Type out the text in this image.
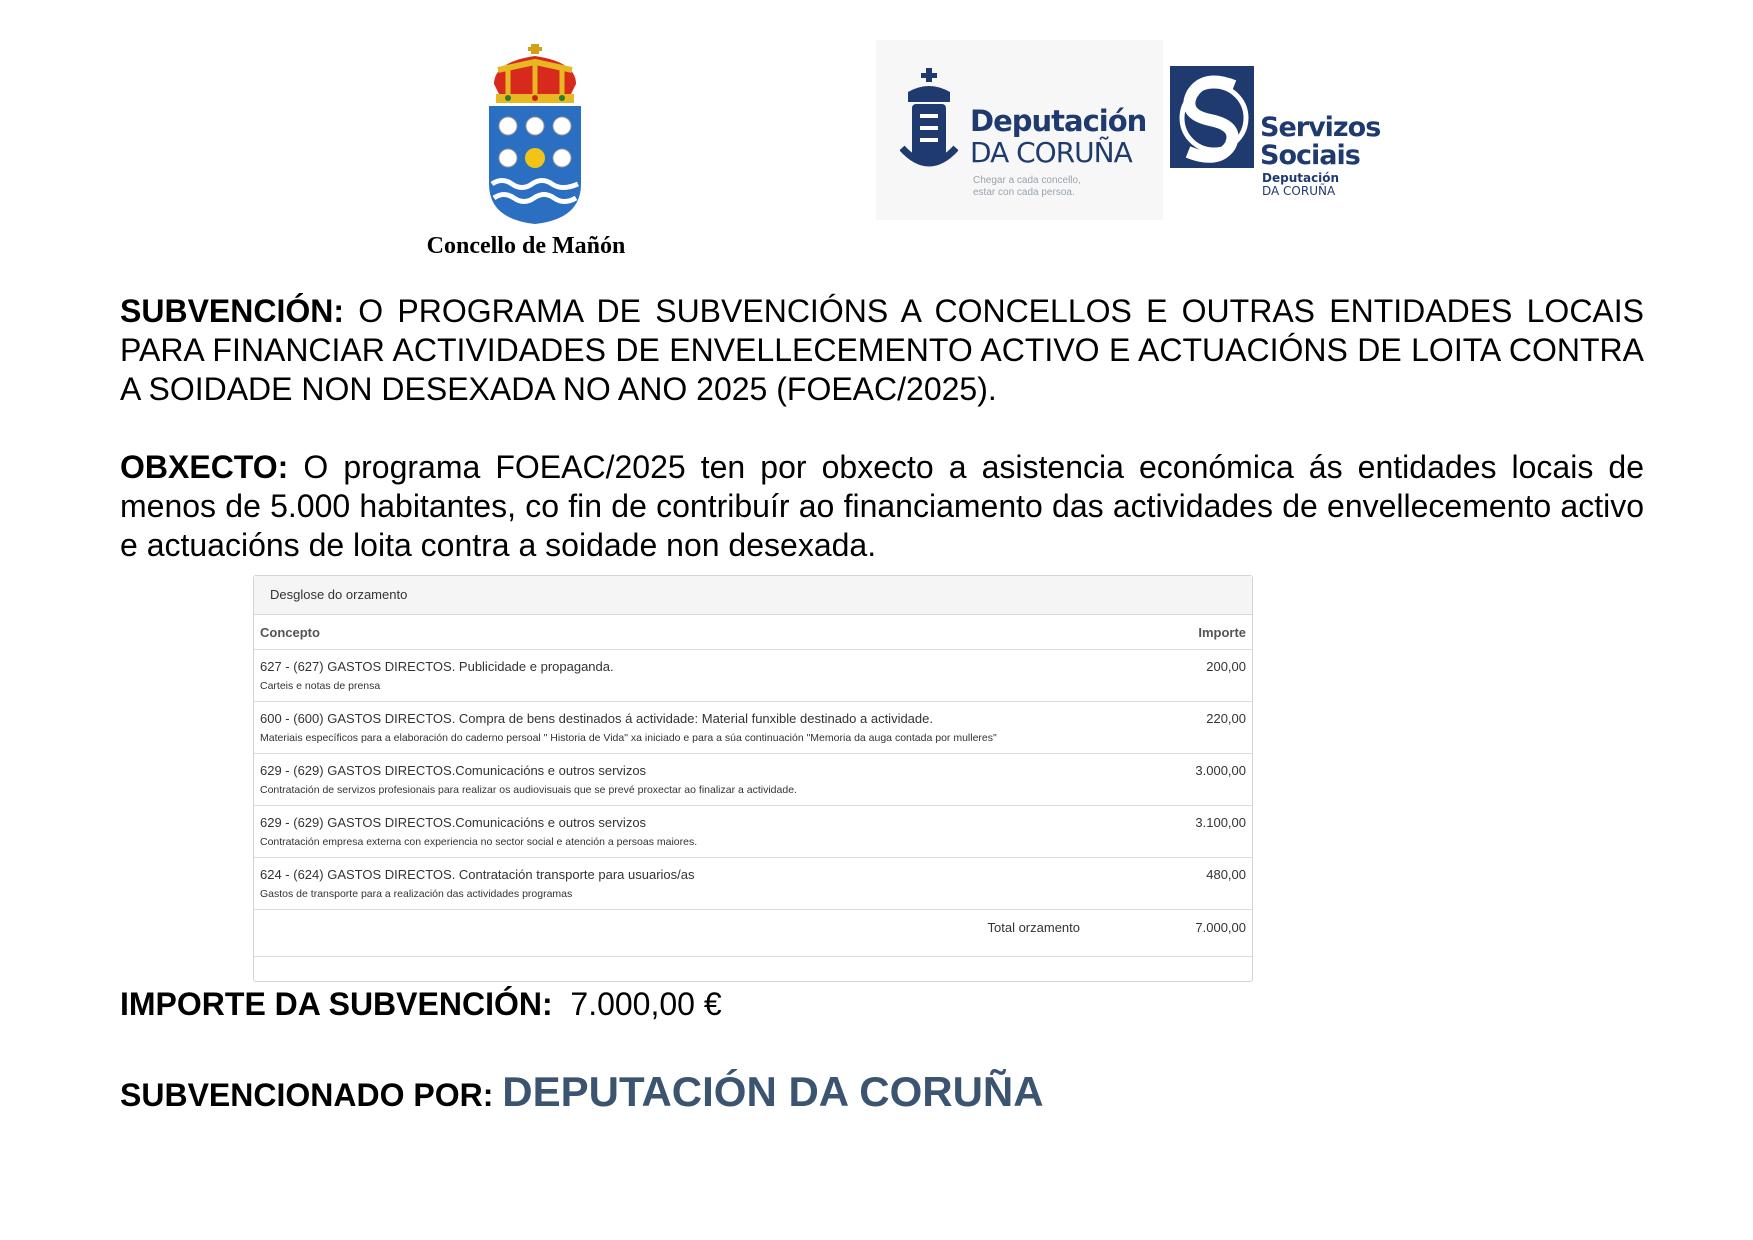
Concello de Mañón
Deputación
DA CORUÑA
Chegar a cada concello, estar con cada persoa.
Servizos
Sociais
Deputación
DA CORUÑA
SUBVENCIÓN: O PROGRAMA DE SUBVENCIÓNS A CONCELLOS E OUTRAS ENTIDADES LOCAIS PARA FINANCIAR ACTIVIDADES DE ENVELLECEMENTO ACTIVO E ACTUACIÓNS DE LOITA CONTRA A SOIDADE NON DESEXADA NO ANO 2025 (FOEAC/2025).
OBXECTO: O programa FOEAC/2025 ten por obxecto a asistencia económica ás entidades locais de menos de 5.000 habitantes, co fin de contribuír ao financiamento das actividades de envellecemento activo e actuacións de loita contra a soidade non desexada.
Desglose do orzamento
Concepto	Importe
627 - (627) GASTOS DIRECTOS. Publicidade e propaganda.
Carteis e notas de prensa
200,00
600 - (600) GASTOS DIRECTOS. Compra de bens destinados á actividade: Material funxible destinado a actividade.
Materiais específicos para a elaboración do caderno persoal " Historia de Vida" xa iniciado e para a súa continuación "Memoria da auga contada por mulleres"
220,00
629 - (629) GASTOS DIRECTOS.Comunicacións e outros servizos
Contratación de servizos profesionais para realizar os audiovisuais que se prevé proxectar ao finalizar a actividade.
3.000,00
629 - (629) GASTOS DIRECTOS.Comunicacións e outros servizos
Contratación empresa externa con experiencia no sector social e atención a persoas maiores.
3.100,00
624 - (624) GASTOS DIRECTOS. Contratación transporte para usuarios/as
Gastos de transporte para a realización das actividades programas
480,00
Total orzamento	7.000,00
IMPORTE DA SUBVENCIÓN: 7.000,00 €
SUBVENCIONADO POR: DEPUTACIÓN DA CORUÑA
